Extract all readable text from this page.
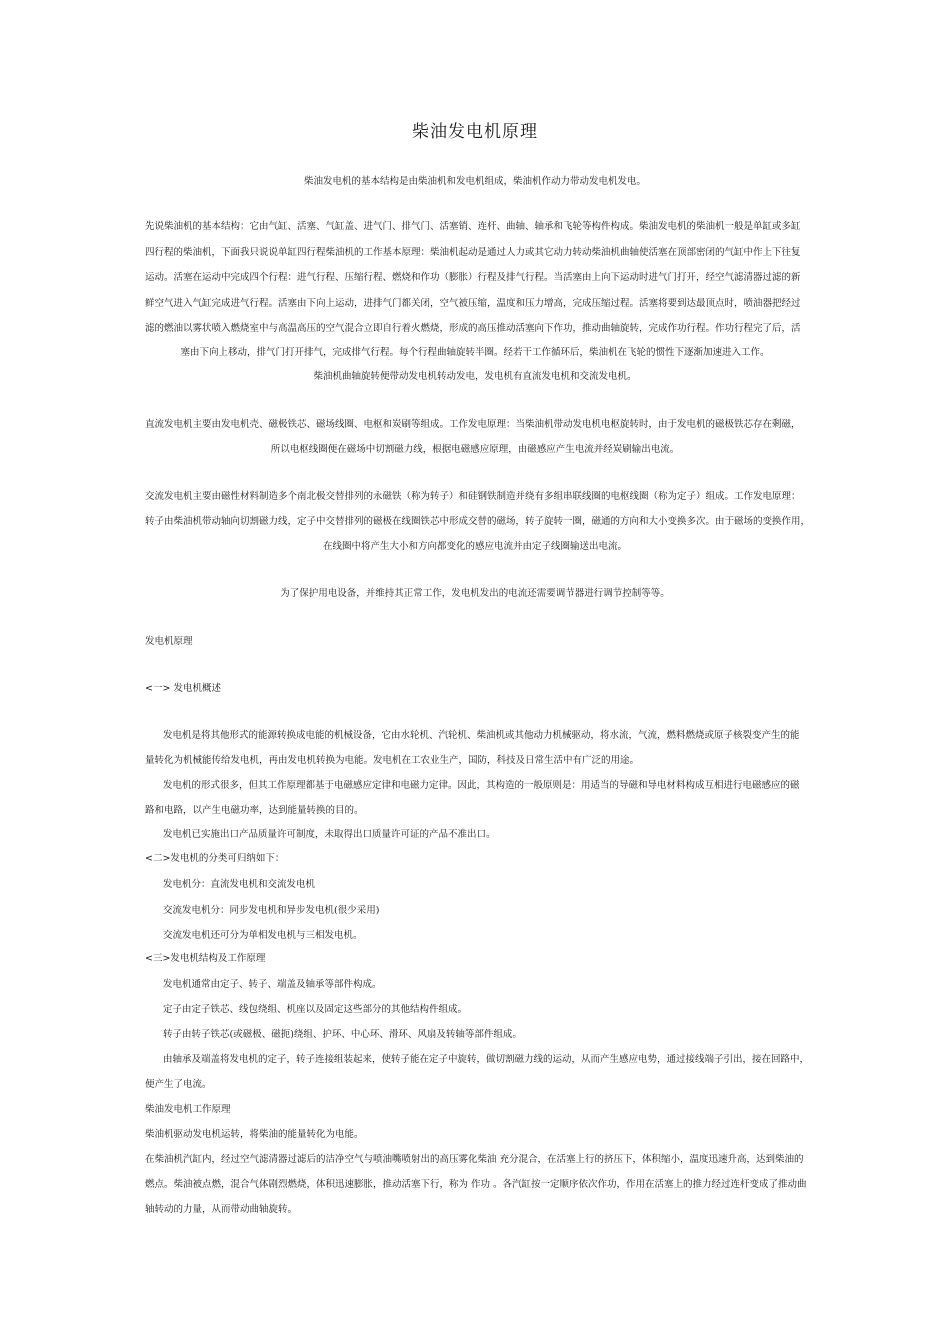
柴油发电机原理
柴油发电机的基本结构是由柴油机和发电机组成，柴油机作动力带动发电机发电。
先说柴油机的基本结构：它由气缸、活塞、气缸盖、进气门、排气门、活塞销、连杆、曲轴、轴承和飞轮等构件构成。柴油发电机的柴油机一般是单缸或多缸
四行程的柴油机，下面我只说说单缸四行程柴油机的工作基本原理：柴油机起动是通过人力或其它动力转动柴油机曲轴使活塞在顶部密闭的气缸中作上下往复
运动。活塞在运动中完成四个行程：进气行程、压缩行程、燃烧和作功（膨胀）行程及排气行程。当活塞由上向下运动时进气门打开，经空气滤清器过滤的新
鲜空气进入气缸完成进气行程。活塞由下向上运动，进排气门都关闭，空气被压缩，温度和压力增高，完成压缩过程。活塞将要到达最顶点时，喷油器把经过
滤的燃油以雾状喷入燃烧室中与高温高压的空气混合立即自行着火燃烧，形成的高压推动活塞向下作功，推动曲轴旋转，完成作功行程。作功行程完了后，活
塞由下向上移动，排气门打开排气，完成排气行程。每个行程曲轴旋转半圈。经若干工作循环后，柴油机在飞轮的惯性下逐渐加速进入工作。
柴油机曲轴旋转便带动发电机转动发电，发电机有直流发电机和交流发电机。
直流发电机主要由发电机壳、磁极铁芯、磁场线圈、电枢和炭刷等组成。工作发电原理：当柴油机带动发电机电枢旋转时，由于发电机的磁极铁芯存在剩磁，
所以电枢线圈便在磁场中切割磁力线，根据电磁感应原理，由磁感应产生电流并经炭刷输出电流。
交流发电机主要由磁性材料制造多个南北极交替排列的永磁铁（称为转子）和硅钢铁制造并绕有多组串联线圈的电枢线圈（称为定子）组成。工作发电原理：
转子由柴油机带动轴向切割磁力线，定子中交替排列的磁极在线圈铁芯中形成交替的磁场，转子旋转一圈，磁通的方向和大小变换多次。由于磁场的变换作用，
在线圈中将产生大小和方向都变化的感应电流并由定子线圈输送出电流。
为了保护用电设备，并维持其正常工作，发电机发出的电流还需要调节器进行调节控制等等。
发电机原理
<一> 发电机概述
发电机是将其他形式的能源转换成电能的机械设备，它由水轮机、汽轮机、柴油机或其他动力机械驱动，将水流，气流，燃料燃烧或原子核裂变产生的能
量转化为机械能传给发电机，再由发电机转换为电能。发电机在工农业生产，国防，科技及日常生活中有广泛的用途。
发电机的形式很多，但其工作原理都基于电磁感应定律和电磁力定律。因此，其构造的一般原则是：用适当的导磁和导电材料构成互相进行电磁感应的磁
路和电路，以产生电磁功率，达到能量转换的目的。
发电机已实施出口产品质量许可制度，未取得出口质量许可证的产品不准出口。
<二>发电机的分类可归纳如下：
发电机分：直流发电机和交流发电机
交流发电机分：同步发电机和异步发电机(很少采用)
交流发电机还可分为单相发电机与三相发电机。
<三>发电机结构及工作原理
发电机通常由定子、转子、端盖及轴承等部件构成。
定子由定子铁芯、线包绕组、机座以及固定这些部分的其他结构件组成。
转子由转子铁芯(或磁极、磁扼)绕组、护环、中心环、滑环、风扇及转轴等部件组成。
由轴承及端盖将发电机的定子，转子连接组装起来，使转子能在定子中旋转，做切割磁力线的运动，从而产生感应电势，通过接线端子引出，接在回路中，
便产生了电流。
柴油发电机工作原理
柴油机驱动发电机运转，将柴油的能量转化为电能。
在柴油机汽缸内，经过空气滤清器过滤后的洁净空气与喷油嘴喷射出的高压雾化柴油 充分混合，在活塞上行的挤压下，体积缩小，温度迅速升高，达到柴油的
燃点。柴油被点燃，混合气体剧烈燃烧，体积迅速膨胀，推动活塞下行，称为 作功 。各汽缸按一定顺序依次作功，作用在活塞上的推力经过连杆变成了推动曲
轴转动的力量，从而带动曲轴旋转。
